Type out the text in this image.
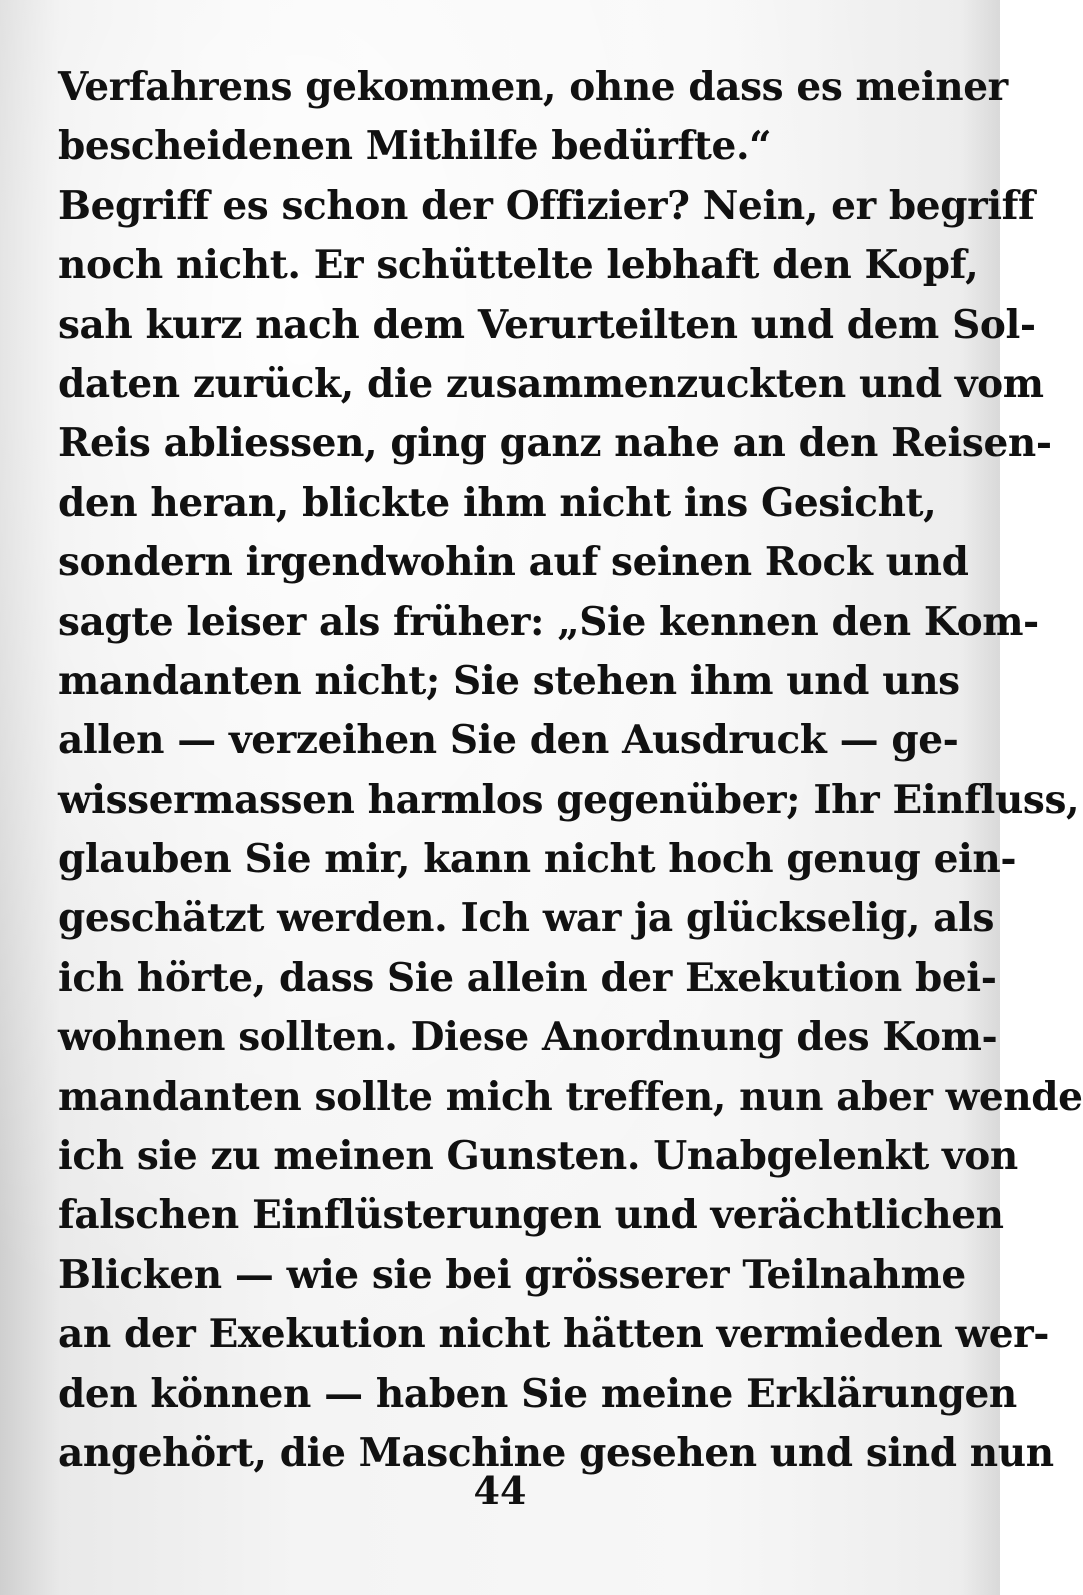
Verfahrens gekommen, ohne dass es meiner
bescheidenen Mithilfe bedürfte.“
Begriff es schon der Offizier? Nein, er begriff
noch nicht. Er schüttelte lebhaft den Kopf,
sah kurz nach dem Verurteilten und dem Sol-
daten zurück, die zusammenzuckten und vom
Reis abliessen, ging ganz nahe an den Reisen-
den heran, blickte ihm nicht ins Gesicht,
sondern irgendwohin auf seinen Rock und
sagte leiser als früher: „Sie kennen den Kom-
mandanten nicht; Sie stehen ihm und uns
allen — verzeihen Sie den Ausdruck — ge-
wissermassen harmlos gegenüber; Ihr Einfluss,
glauben Sie mir, kann nicht hoch genug ein-
geschätzt werden. Ich war ja glückselig, als
ich hörte, dass Sie allein der Exekution bei-
wohnen sollten. Diese Anordnung des Kom-
mandanten sollte mich treffen, nun aber wende
ich sie zu meinen Gunsten. Unabgelenkt von
falschen Einflüsterungen und verächtlichen
Blicken — wie sie bei grösserer Teilnahme
an der Exekution nicht hätten vermieden wer-
den können — haben Sie meine Erklärungen
angehört, die Maschine gesehen und sind nun
44
